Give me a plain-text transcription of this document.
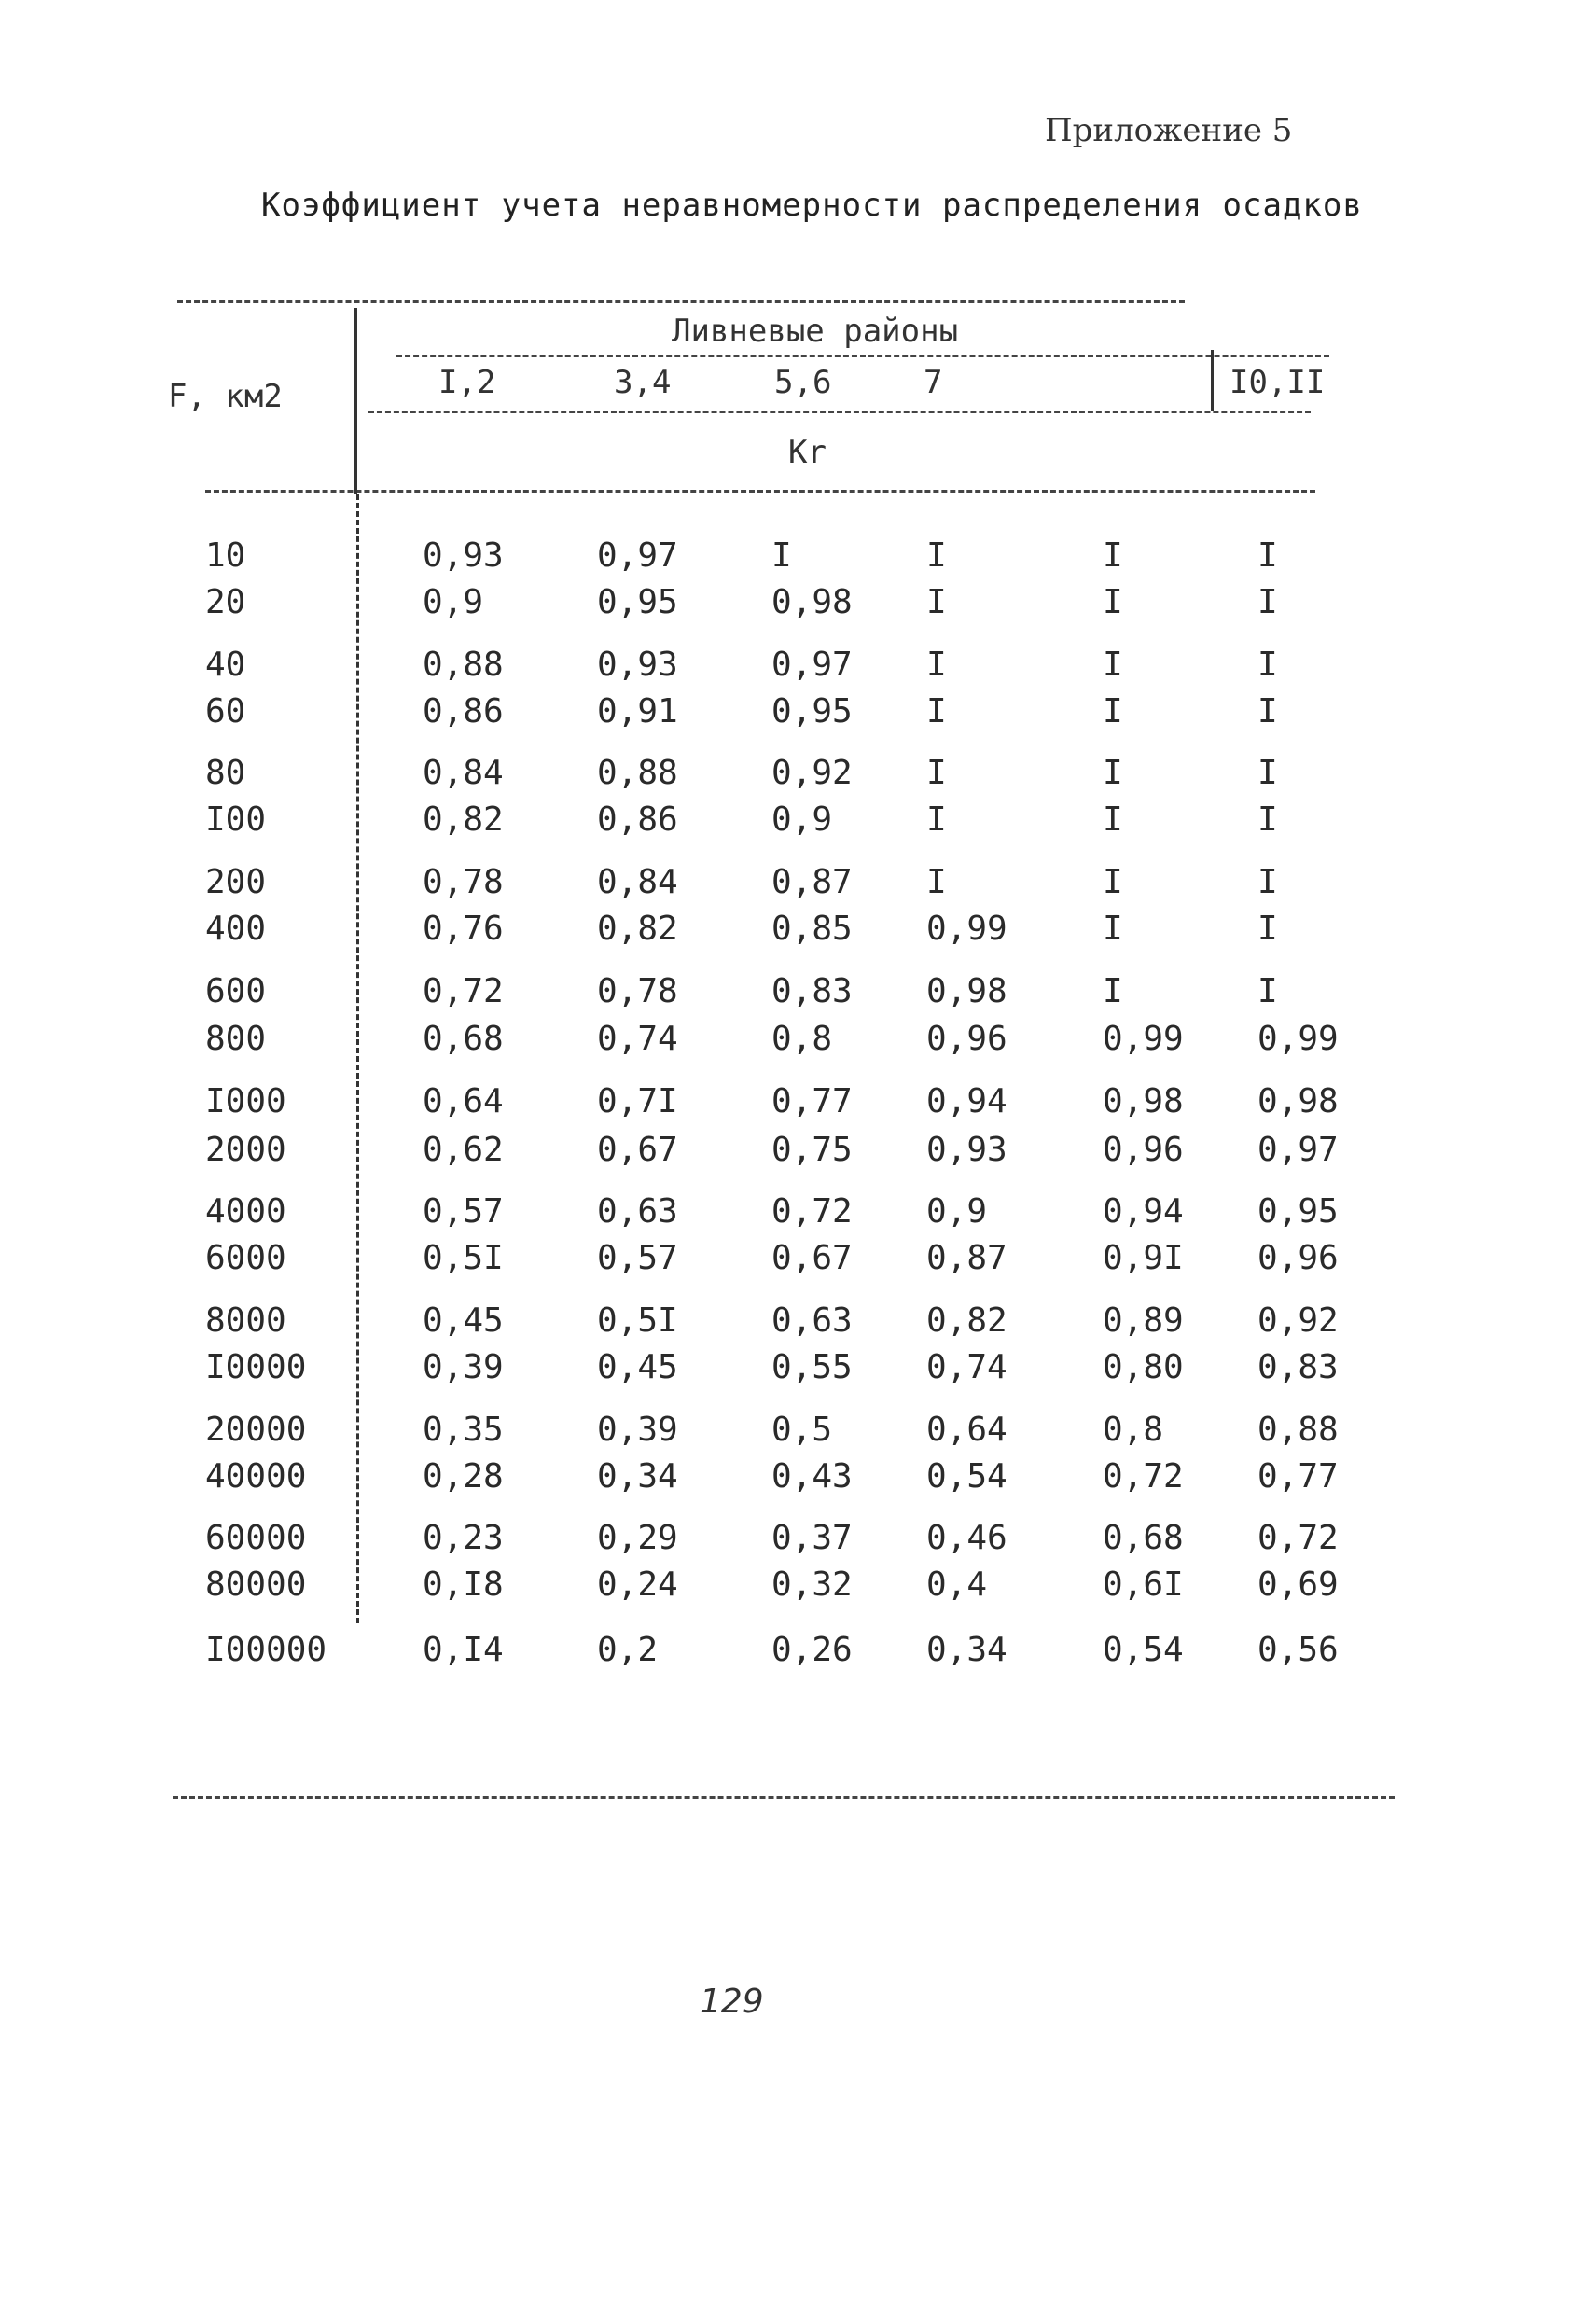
Приложение 5
Коэффициент учета неравномерности распределения осадков
F, км2
Ливневые районы
I,2	3,4	5,6	7	I0,II
Kr
10	0,93	0,97	I	I	I	I
20	0,9	0,95	0,98	I	I	I
40	0,88	0,93	0,97	I	I	I
60	0,86	0,91	0,95	I	I	I
80	0,84	0,88	0,92	I	I	I
I00	0,82	0,86	0,9	I	I	I
200	0,78	0,84	0,87	I	I	I
400	0,76	0,82	0,85	0,99	I	I
600	0,72	0,78	0,83	0,98	I	I
800	0,68	0,74	0,8	0,96	0,99	0,99
I000	0,64	0,7I	0,77	0,94	0,98	0,98
2000	0,62	0,67	0,75	0,93	0,96	0,97
4000	0,57	0,63	0,72	0,9	0,94	0,95
6000	0,5I	0,57	0,67	0,87	0,9I	0,96
8000	0,45	0,5I	0,63	0,82	0,89	0,92
I0000	0,39	0,45	0,55	0,74	0,80	0,83
20000	0,35	0,39	0,5	0,64	0,8	0,88
40000	0,28	0,34	0,43	0,54	0,72	0,77
60000	0,23	0,29	0,37	0,46	0,68	0,72
80000	0,I8	0,24	0,32	0,4	0,6I	0,69
I00000	0,I4	0,2	0,26	0,34	0,54	0,56
129
